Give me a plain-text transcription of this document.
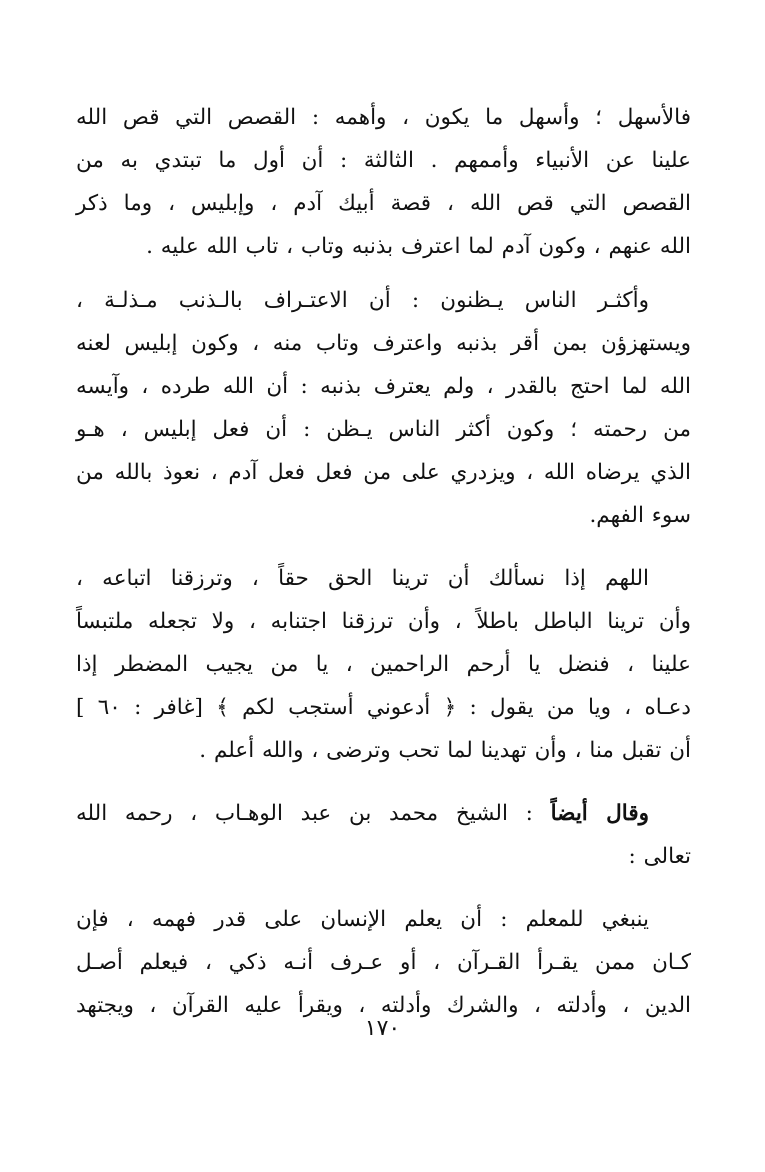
فالأسهل ؛ وأسهل ما يكون ، وأهمه : القصص التي قص الله
علينا عن الأنبياء وأممهم . الثالثة : أن أول ما تبتدي به من
القصص التي قص الله ، قصة أبيك آدم ، وإبليس ، وما ذكر
الله عنهم ، وكون آدم لما اعترف بذنبه وتاب ، تاب الله عليه .

وأكثـر الناس يـظنون : أن الاعتـراف بالـذنب مـذلـة ،
ويستهزؤن بمن أقر بذنبه واعترف وتاب منه ، وكون إبليس لعنه
الله لما احتج بالقدر ، ولم يعترف بذنبه : أن الله طرده ، وآيسه
من رحمته ؛ وكون أكثر الناس يـظن : أن فعل إبليس ، هـو
الذي يرضاه الله ، ويزدري على من فعل فعل آدم ، نعوذ بالله من
سوء الفهم.

اللهم إذا نسألك أن ترينا الحق حقاً ، وترزقنا اتباعه ،
وأن ترينا الباطل باطلاً ، وأن ترزقنا اجتنابه ، ولا تجعله ملتبساً
علينا ، فنضل يا أرحم الراحمين ، يا من يجيب المضطر إذا
دعـاه ، ويا من يقول : ﴿ أدعوني أستجب لكم ﴾ [غافر : ٦٠ ]
أن تقبل منا ، وأن تهدينا لما تحب وترضى ، والله أعلم .

وقال أيضاً : الشيخ محمد بن عبد الوهـاب ، رحمه الله
تعالى :

ينبغي للمعلم : أن يعلم الإنسان على قدر فهمه ، فإن
كـان ممن يقـرأ القـرآن ، أو عـرف أنـه ذكي ، فيعلم أصـل
الدين ، وأدلته ، والشرك وأدلته ، ويقرأ عليه القرآن ، ويجتهد

١٧٠
